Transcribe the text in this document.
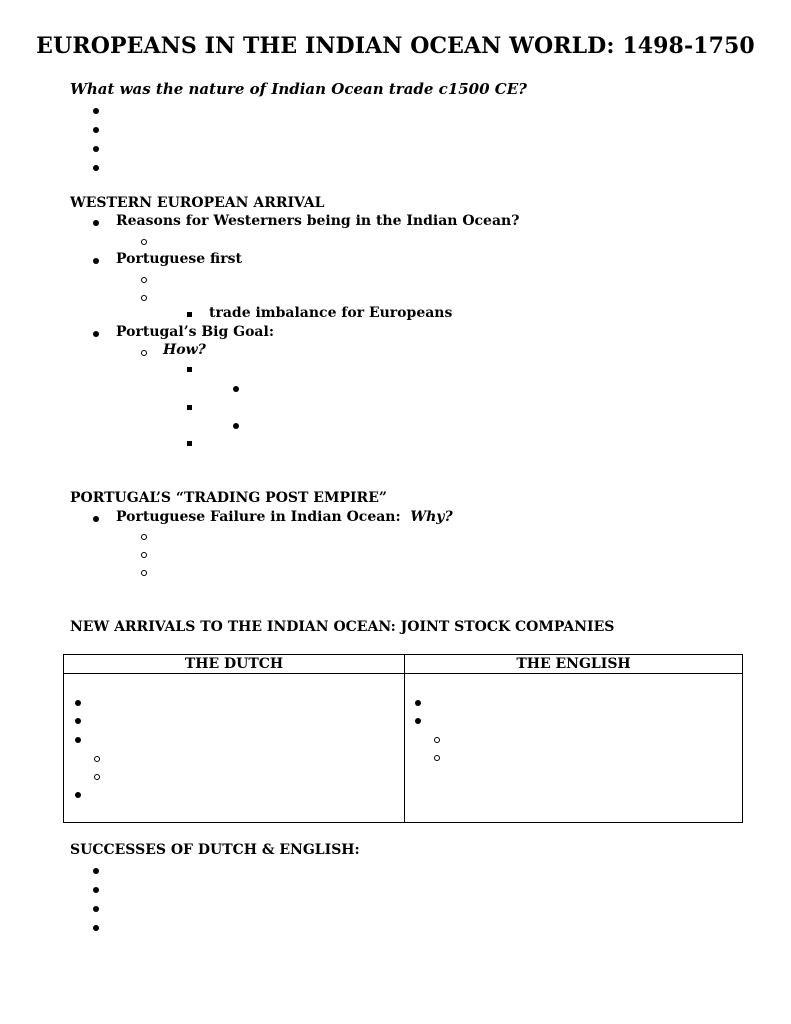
EUROPEANS IN THE INDIAN OCEAN WORLD: 1498-1750
What was the nature of Indian Ocean trade c1500 CE?
WESTERN EUROPEAN ARRIVAL
Reasons for Westerners being in the Indian Ocean?
Portuguese first
trade imbalance for Europeans
Portugal’s Big Goal:
How?
PORTUGAL’S “TRADING POST EMPIRE”
Portuguese Failure in Indian Ocean: Why?
NEW ARRIVALS TO THE INDIAN OCEAN: JOINT STOCK COMPANIES
THE DUTCH	THE ENGLISH

SUCCESSES OF DUTCH & ENGLISH:
